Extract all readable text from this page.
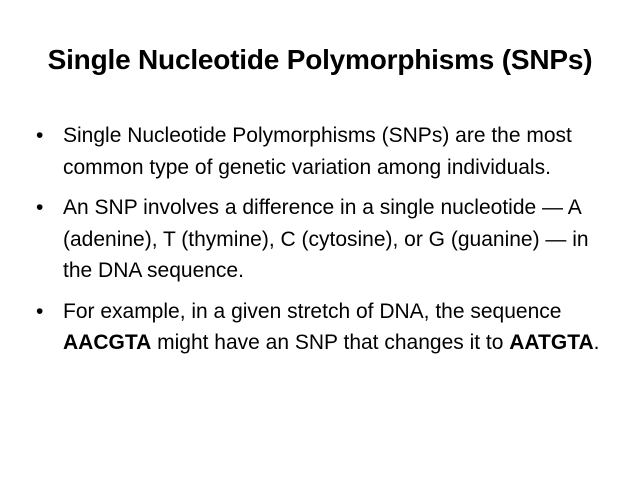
Single Nucleotide Polymorphisms (SNPs)
• Single Nucleotide Polymorphisms (SNPs) are the most common type of genetic variation among individuals.
• An SNP involves a difference in a single nucleotide — A (adenine), T (thymine), C (cytosine), or G (guanine) — in the DNA sequence.
• For example, in a given stretch of DNA, the sequence AACGTA might have an SNP that changes it to AATGTA.
